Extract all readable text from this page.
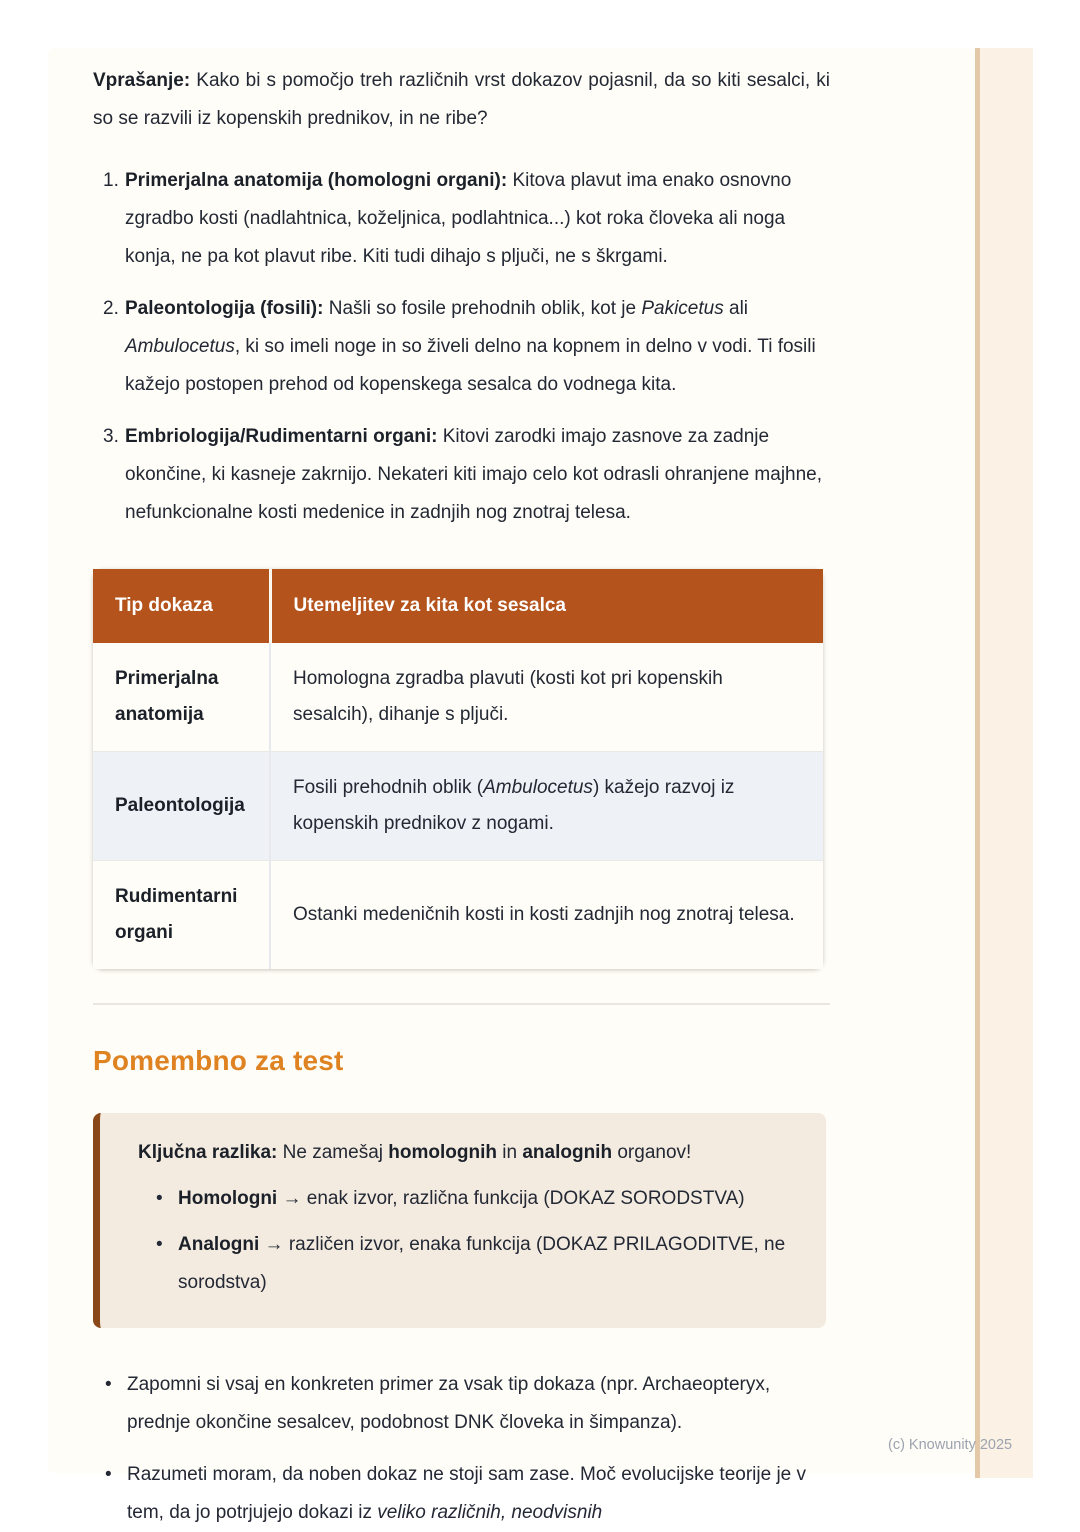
Vprašanje: Kako bi s pomočjo treh različnih vrst dokazov pojasnil, da so kiti sesalci, ki so se razvili iz kopenskih prednikov, in ne ribe?

1. Primerjalna anatomija (homologni organi): Kitova plavut ima enako osnovno zgradbo kosti (nadlahtnica, koželjnica, podlahtnica...) kot roka človeka ali noga konja, ne pa kot plavut ribe. Kiti tudi dihajo s pljuči, ne s škrgami.
2. Paleontologija (fosili): Našli so fosile prehodnih oblik, kot je Pakicetus ali Ambulocetus, ki so imeli noge in so živeli delno na kopnem in delno v vodi. Ti fosili kažejo postopen prehod od kopenskega sesalca do vodnega kita.
3. Embriologija/Rudimentarni organi: Kitovi zarodki imajo zasnove za zadnje okončine, ki kasneje zakrnijo. Nekateri kiti imajo celo kot odrasli ohranjene majhne, nefunkcionalne kosti medenice in zadnjih nog znotraj telesa.
Tip dokaza	Utemeljitev za kita kot sesalca
Primerjalna anatomija	Homologna zgradba plavuti (kosti kot pri kopenskih sesalcih), dihanje s pljuči.
Paleontologija	Fosili prehodnih oblik (Ambulocetus) kažejo razvoj iz kopenskih prednikov z nogami.
Rudimentarni organi	Ostanki medeničnih kosti in kosti zadnjih nog znotraj telesa.
Pomembno za test

Ključna razlika: Ne zamešaj homolognih in analognih organov!

•
Homologni → enak izvor, različna funkcija (DOKAZ SORODSTVA)
•
Analogni → različen izvor, enaka funkcija (DOKAZ PRILAGODITVE, ne sorodstva)
•
Zapomni si vsaj en konkreten primer za vsak tip dokaza (npr. Archaeopteryx, prednje okončine sesalcev, podobnost DNK človeka in šimpanza).
•
Razumeti moram, da noben dokaz ne stoji sam zase. Moč evolucijske teorije je v tem, da jo potrjujejo dokazi iz veliko različnih, neodvisnih
(c) Knowunity 2025
